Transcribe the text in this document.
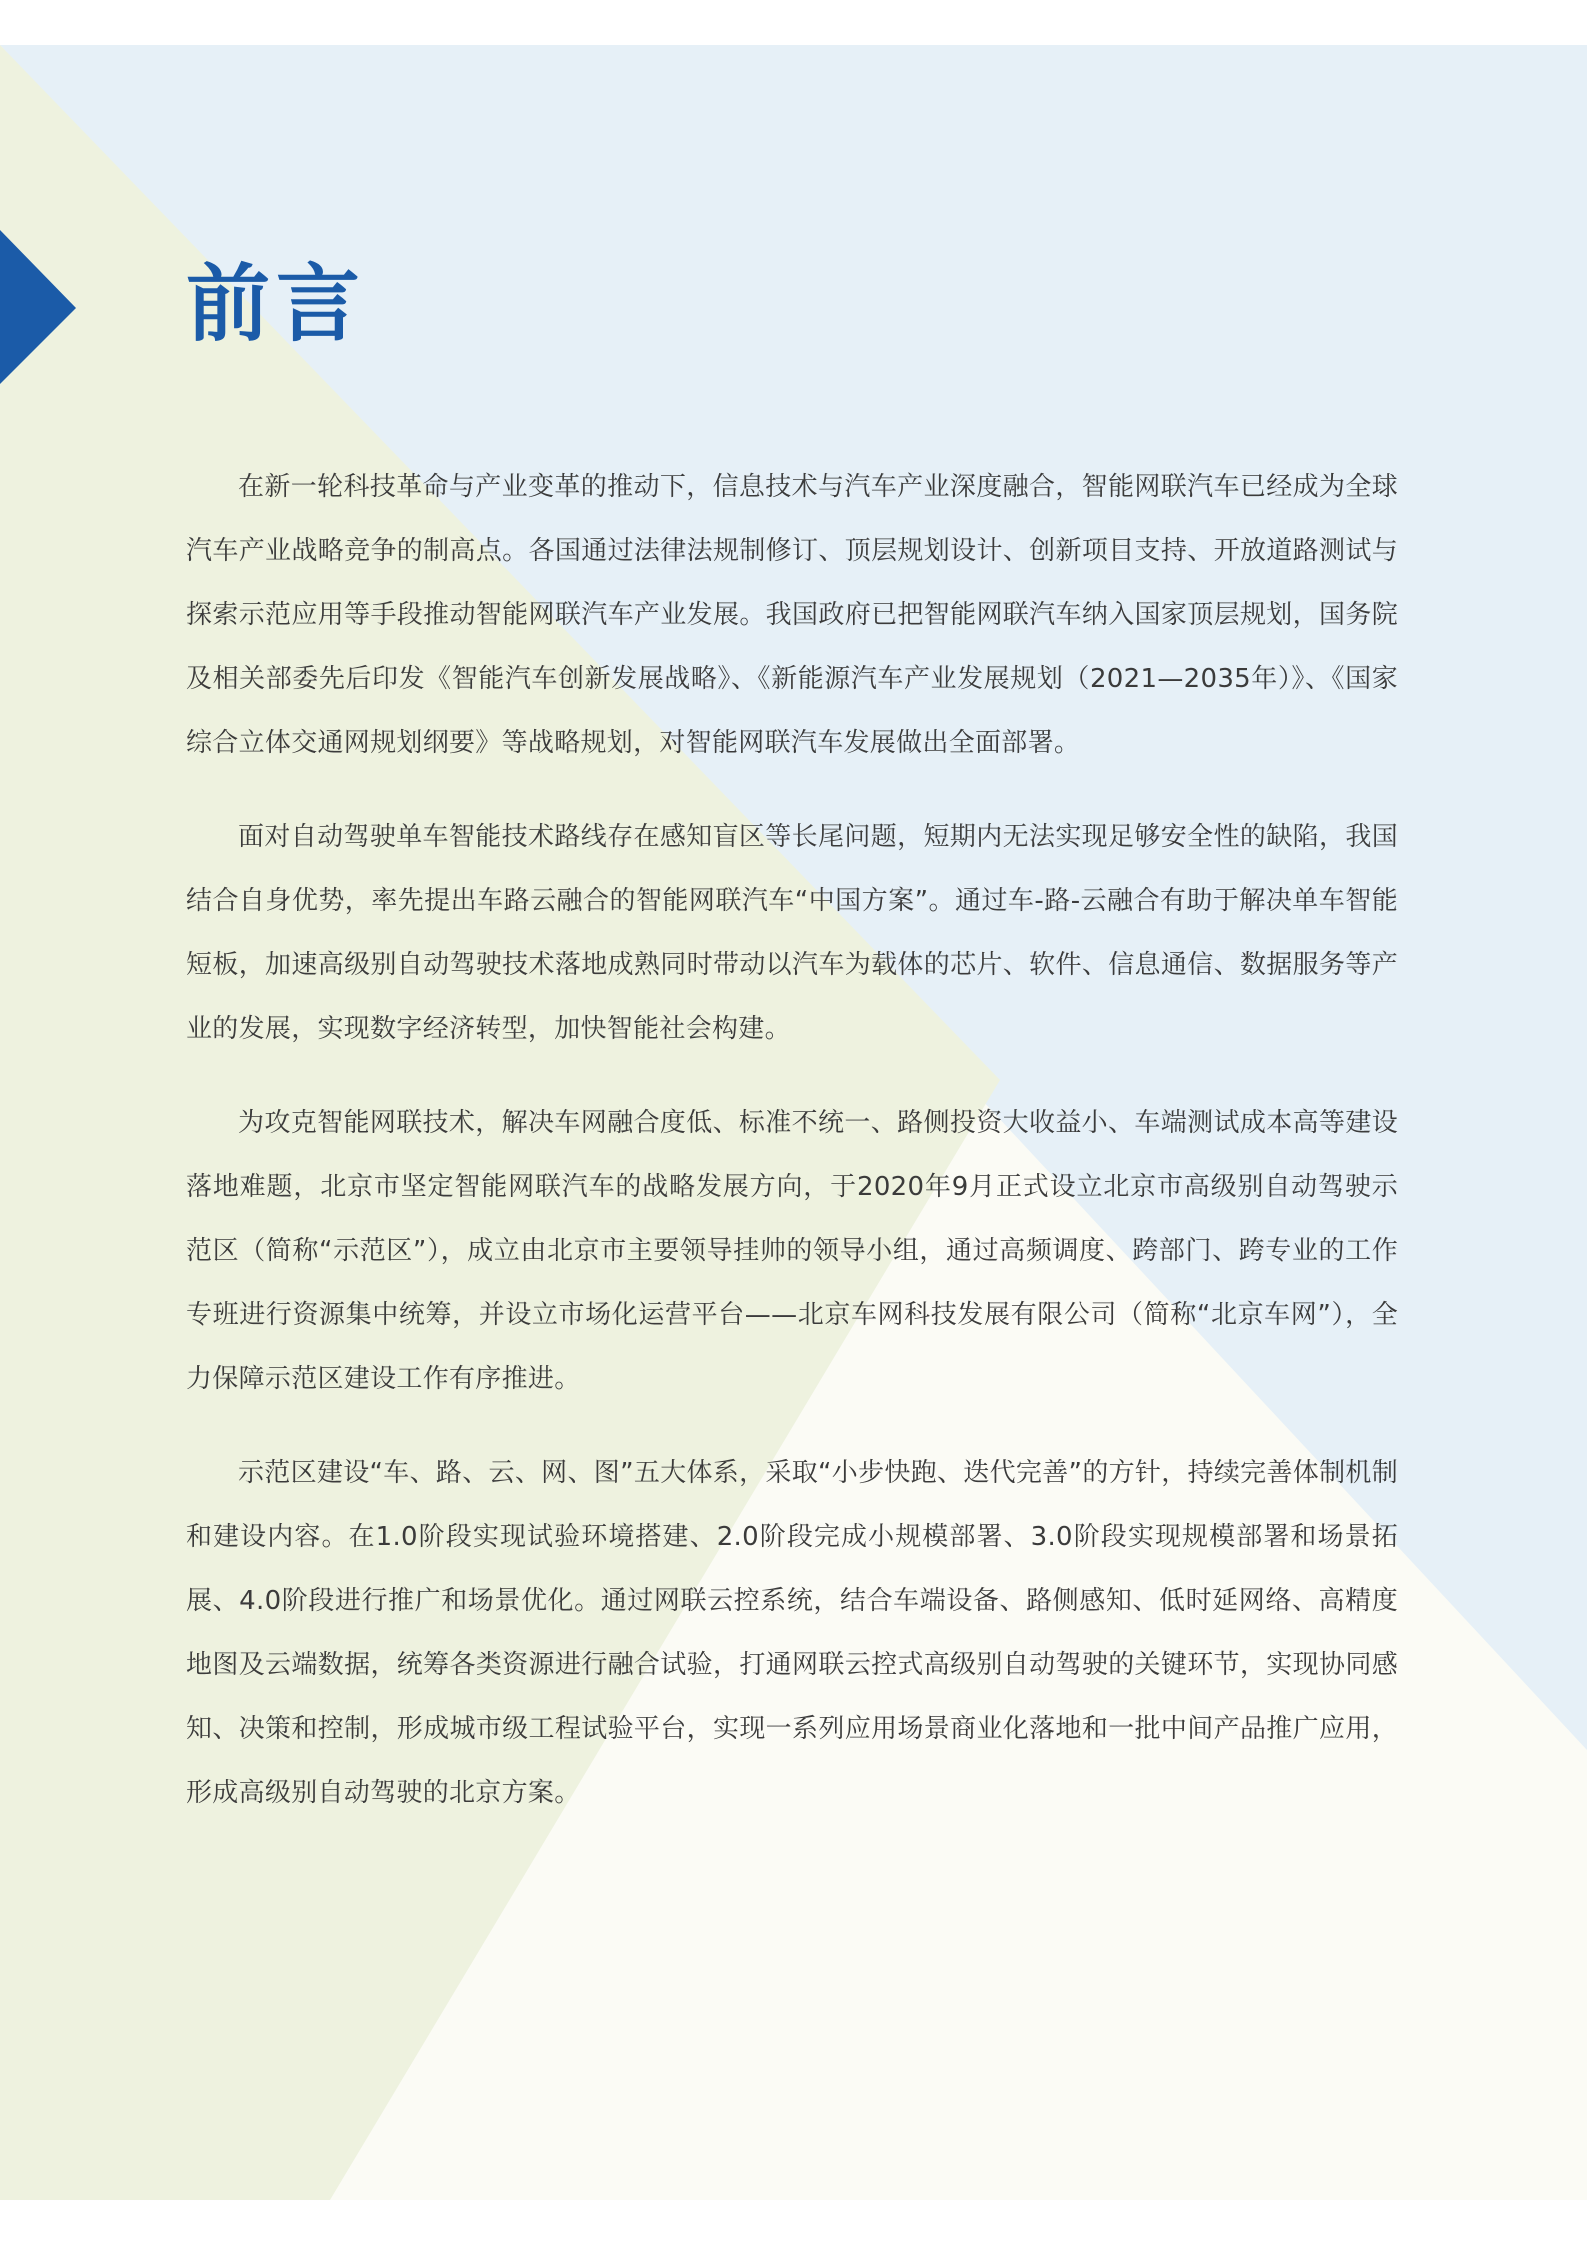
前言

在新一轮科技革命与产业变革的推动下，信息技术与汽车产业深度融合，智能网联汽车已经成为全球汽车产业战略竞争的制高点。各国通过法律法规制修订、顶层规划设计、创新项目支持、开放道路测试与探索示范应用等手段推动智能网联汽车产业发展。我国政府已把智能网联汽车纳入国家顶层规划，国务院及相关部委先后印发《智能汽车创新发展战略》、《新能源汽车产业发展规划（2021—2035年）》、《国家综合立体交通网规划纲要》等战略规划，对智能网联汽车发展做出全面部署。

面对自动驾驶单车智能技术路线存在感知盲区等长尾问题，短期内无法实现足够安全性的缺陷，我国结合自身优势，率先提出车路云融合的智能网联汽车“中国方案”。通过车-路-云融合有助于解决单车智能短板，加速高级别自动驾驶技术落地成熟同时带动以汽车为载体的芯片、软件、信息通信、数据服务等产业的发展，实现数字经济转型，加快智能社会构建。

为攻克智能网联技术，解决车网融合度低、标准不统一、路侧投资大收益小、车端测试成本高等建设落地难题，北京市坚定智能网联汽车的战略发展方向，于2020年9月正式设立北京市高级别自动驾驶示范区（简称“示范区”），成立由北京市主要领导挂帅的领导小组，通过高频调度、跨部门、跨专业的工作专班进行资源集中统筹，并设立市场化运营平台——北京车网科技发展有限公司（简称“北京车网”），全力保障示范区建设工作有序推进。

示范区建设“车、路、云、网、图”五大体系，采取“小步快跑、迭代完善”的方针，持续完善体制机制和建设内容。在1.0阶段实现试验环境搭建、2.0阶段完成小规模部署、3.0阶段实现规模部署和场景拓展、4.0阶段进行推广和场景优化。通过网联云控系统，结合车端设备、路侧感知、低时延网络、高精度地图及云端数据，统筹各类资源进行融合试验，打通网联云控式高级别自动驾驶的关键环节，实现协同感知、决策和控制，形成城市级工程试验平台，实现一系列应用场景商业化落地和一批中间产品推广应用，形成高级别自动驾驶的北京方案。
